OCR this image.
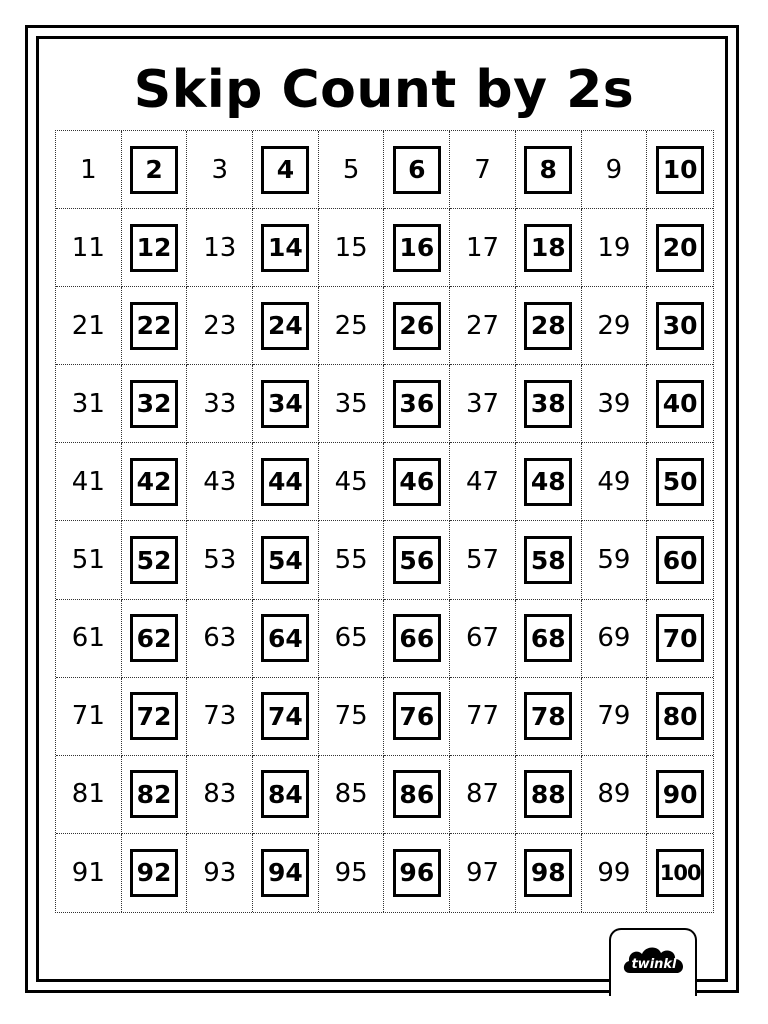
Skip Count by 2s
1	2	3	4	5	6	7	8	9 10
11 12 13 14 15 16 17 18 19 20
21 22 23 24 25 26 27 28 29 30
31 32 33 34 35 36 37 38 39 40
41 42 43 44 45 46 47 48 49 50
51 52 53 54 55 56 57 58 59 60
61 62 63 64 65 66 67 68 69 70
71 72 73 74 75 76 77 78 79 80
81 82 83 84 85 86 87 88 89 90
91 92 93 94 95 96 97 98 99 100
twinkl
